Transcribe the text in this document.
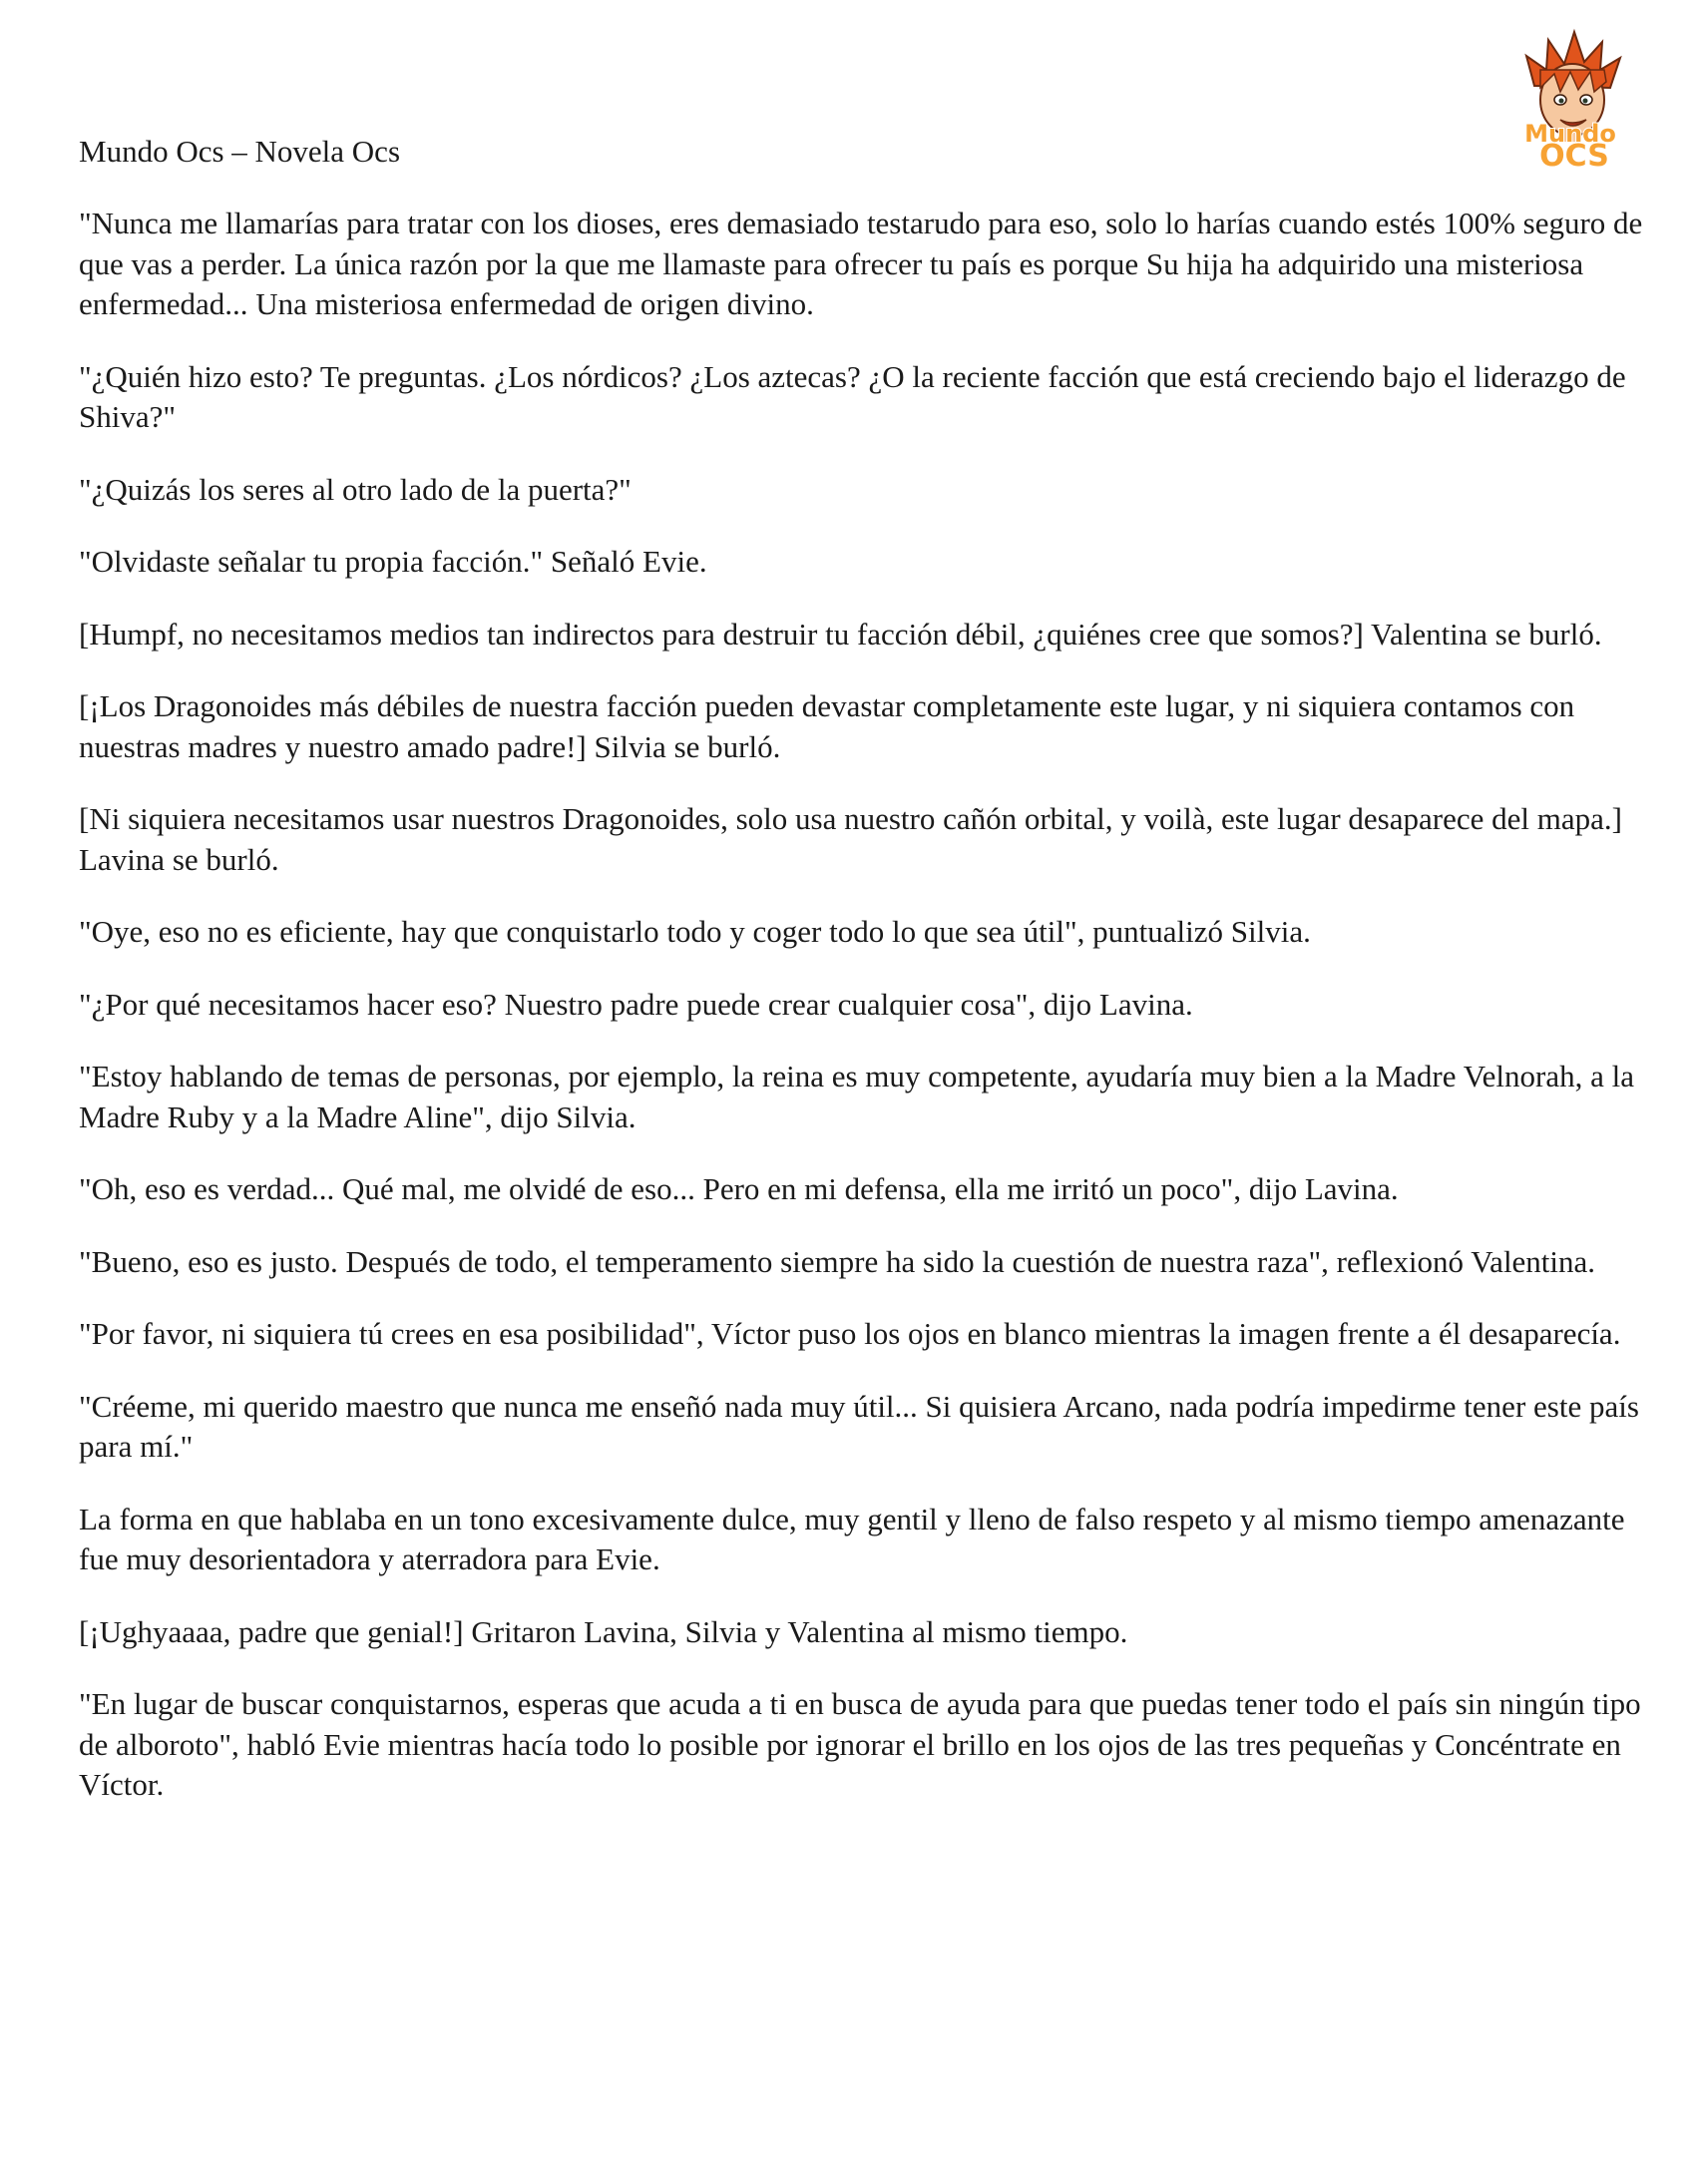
Mundo
OCS
Mundo Ocs – Novela Ocs

"Nunca me llamarías para tratar con los dioses, eres demasiado testarudo para eso, solo lo harías cuando estés 100% seguro de que vas a perder. La única razón por la que me llamaste para ofrecer tu país es porque Su hija ha adquirido una misteriosa enfermedad... Una misteriosa enfermedad de origen divino.

"¿Quién hizo esto? Te preguntas. ¿Los nórdicos? ¿Los aztecas? ¿O la reciente facción que está creciendo bajo el liderazgo de Shiva?"

"¿Quizás los seres al otro lado de la puerta?"

"Olvidaste señalar tu propia facción." Señaló Evie.

[Humpf, no necesitamos medios tan indirectos para destruir tu facción débil, ¿quiénes cree que somos?] Valentina se burló.

[¡Los Dragonoides más débiles de nuestra facción pueden devastar completamente este lugar, y ni siquiera contamos con nuestras madres y nuestro amado padre!] Silvia se burló.

[Ni siquiera necesitamos usar nuestros Dragonoides, solo usa nuestro cañón orbital, y voilà, este lugar desaparece del mapa.] Lavina se burló.

"Oye, eso no es eficiente, hay que conquistarlo todo y coger todo lo que sea útil", puntualizó Silvia.

"¿Por qué necesitamos hacer eso? Nuestro padre puede crear cualquier cosa", dijo Lavina.

"Estoy hablando de temas de personas, por ejemplo, la reina es muy competente, ayudaría muy bien a la Madre Velnorah, a la Madre Ruby y a la Madre Aline", dijo Silvia.

"Oh, eso es verdad... Qué mal, me olvidé de eso... Pero en mi defensa, ella me irritó un poco", dijo Lavina.

"Bueno, eso es justo. Después de todo, el temperamento siempre ha sido la cuestión de nuestra raza", reflexionó Valentina.

"Por favor, ni siquiera tú crees en esa posibilidad", Víctor puso los ojos en blanco mientras la imagen frente a él desaparecía.

"Créeme, mi querido maestro que nunca me enseñó nada muy útil... Si quisiera Arcano, nada podría impedirme tener este país para mí."

La forma en que hablaba en un tono excesivamente dulce, muy gentil y lleno de falso respeto y al mismo tiempo amenazante fue muy desorientadora y aterradora para Evie.

[¡Ughyaaaa, padre que genial!] Gritaron Lavina, Silvia y Valentina al mismo tiempo.

"En lugar de buscar conquistarnos, esperas que acuda a ti en busca de ayuda para que puedas tener todo el país sin ningún tipo de alboroto", habló Evie mientras hacía todo lo posible por ignorar el brillo en los ojos de las tres pequeñas y Concéntrate en Víctor.
